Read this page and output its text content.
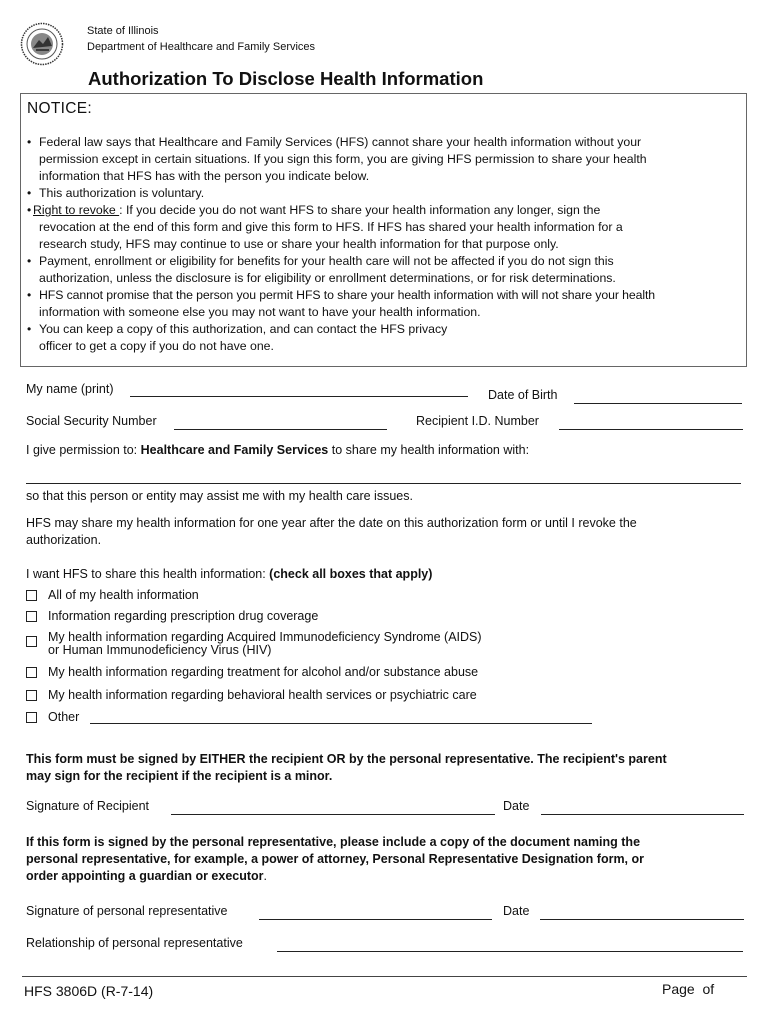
State of Illinois
Department of Healthcare and Family Services
Authorization To Disclose Health Information
NOTICE:
• Federal law says that Healthcare and Family Services (HFS) cannot share your health information without your
permission except in certain situations. If you sign this form, you are giving HFS permission to share your health
information that HFS has with the person you indicate below.
• This authorization is voluntary.
• Right to revoke : If you decide you do not want HFS to share your health information any longer, sign the
revocation at the end of this form and give this form to HFS. If HFS has shared your health information for a
research study, HFS may continue to use or share your health information for that purpose only.
• Payment, enrollment or eligibility for benefits for your health care will not be affected if you do not sign this
authorization, unless the disclosure is for eligibility or enrollment determinations, or for risk determinations.
• HFS cannot promise that the person you permit HFS to share your health information with will not share your health
information with someone else you may not want to have your health information.
• You can keep a copy of this authorization, and can contact the HFS privacy
officer to get a copy if you do not have one.
My name (print)	Date of Birth
Social Security Number	Recipient I.D. Number
I give permission to: Healthcare and Family Services to share my health information with:
so that this person or entity may assist me with my health care issues.
HFS may share my health information for one year after the date on this authorization form or until I revoke the
authorization.
I want HFS to share this health information: (check all boxes that apply)
All of my health information
Information regarding prescription drug coverage
My health information regarding Acquired Immunodeficiency Syndrome (AIDS)
or Human Immunodeficiency Virus (HIV)
My health information regarding treatment for alcohol and/or substance abuse
My health information regarding behavioral health services or psychiatric care
Other
This form must be signed by EITHER the recipient OR by the personal representative. The recipient's parent
may sign for the recipient if the recipient is a minor.
Signature of Recipient	Date
If this form is signed by the personal representative, please include a copy of the document naming the
personal representative, for example, a power of attorney, Personal Representative Designation form, or
order appointing a guardian or executor.
Signature of personal representative	Date
Relationship of personal representative
HFS 3806D (R-7-14)	Page  of
